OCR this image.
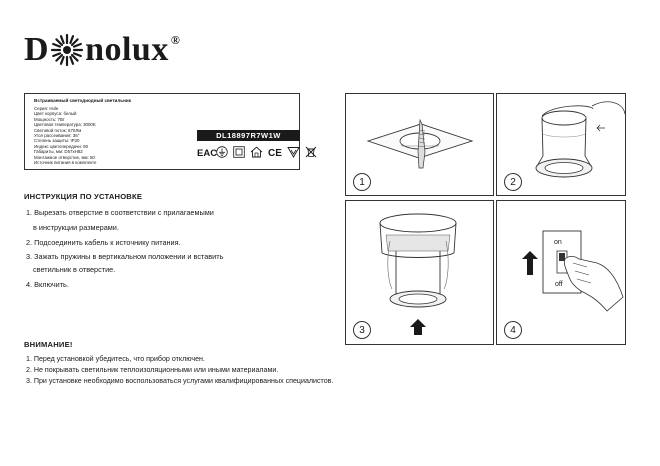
D nolux ®
Встраиваемый светодиодный светильник
Серия: Hole
Цвет корпуса: белый
Мощность: 7Вт
Цветовая температура: 3000K
Световой поток: 670Лм
Угол рассеивания: 36°
Степень защиты: IP20
Индекс цветопередачи: 90
Габариты, мм: D57xH82
Монтажное отверстие, мм: 50
Источник питания в комплекте
DL18897R7W1W
EAC	CE
ИНСТРУКЦИЯ ПО УСТАНОВКЕ
1. Вырезать отверстие в соответствии с прилагаемыми
в инструкции размерами.
2. Подсоединить кабель к источнику питания.
3. Зажать пружины в вертикальном положении и вставить
светильник в отверстие.
4. Включить.
ВНИМАНИЕ!
1. Перед установкой убедитесь, что прибор отключен.
2. Не покрывать светильник теплоизоляционными или иными материалами.
3. При установке необходимо воспользоваться услугами квалифицированных специалистов.
1	2
3
on
off
4
